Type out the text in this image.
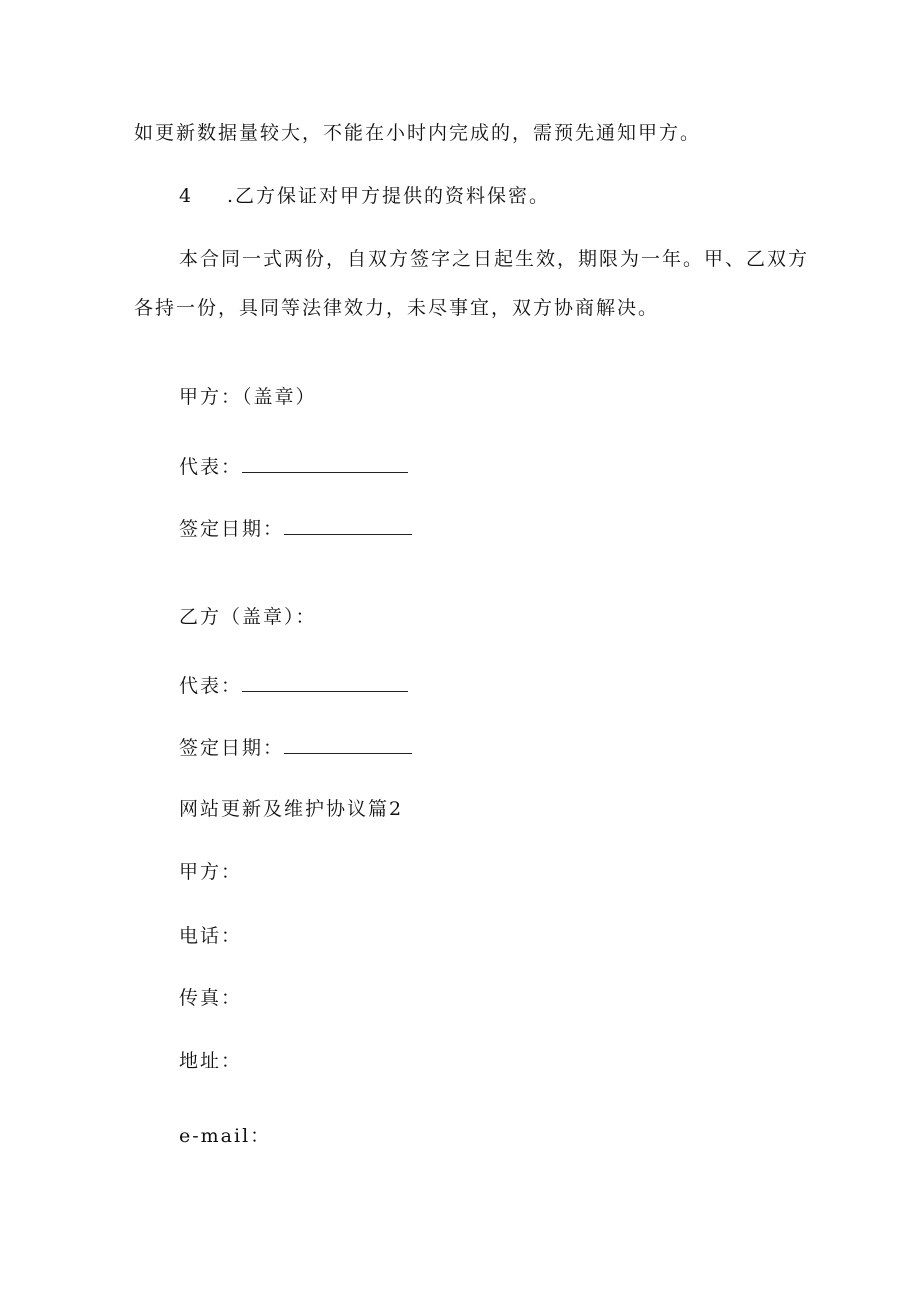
如更新数据量较大，不能在小时内完成的，需预先通知甲方。
4 .乙方保证对甲方提供的资料保密。
本合同一式两份，自双方签字之日起生效，期限为一年。甲、乙双方
各持一份，具同等法律效力，未尽事宜，双方协商解决。
甲方：（盖章）
代表：
签定日期：
乙方（盖章）：
代表：
签定日期：
网站更新及维护协议篇2
甲方：
电话：
传真：
地址：
e-mail：
